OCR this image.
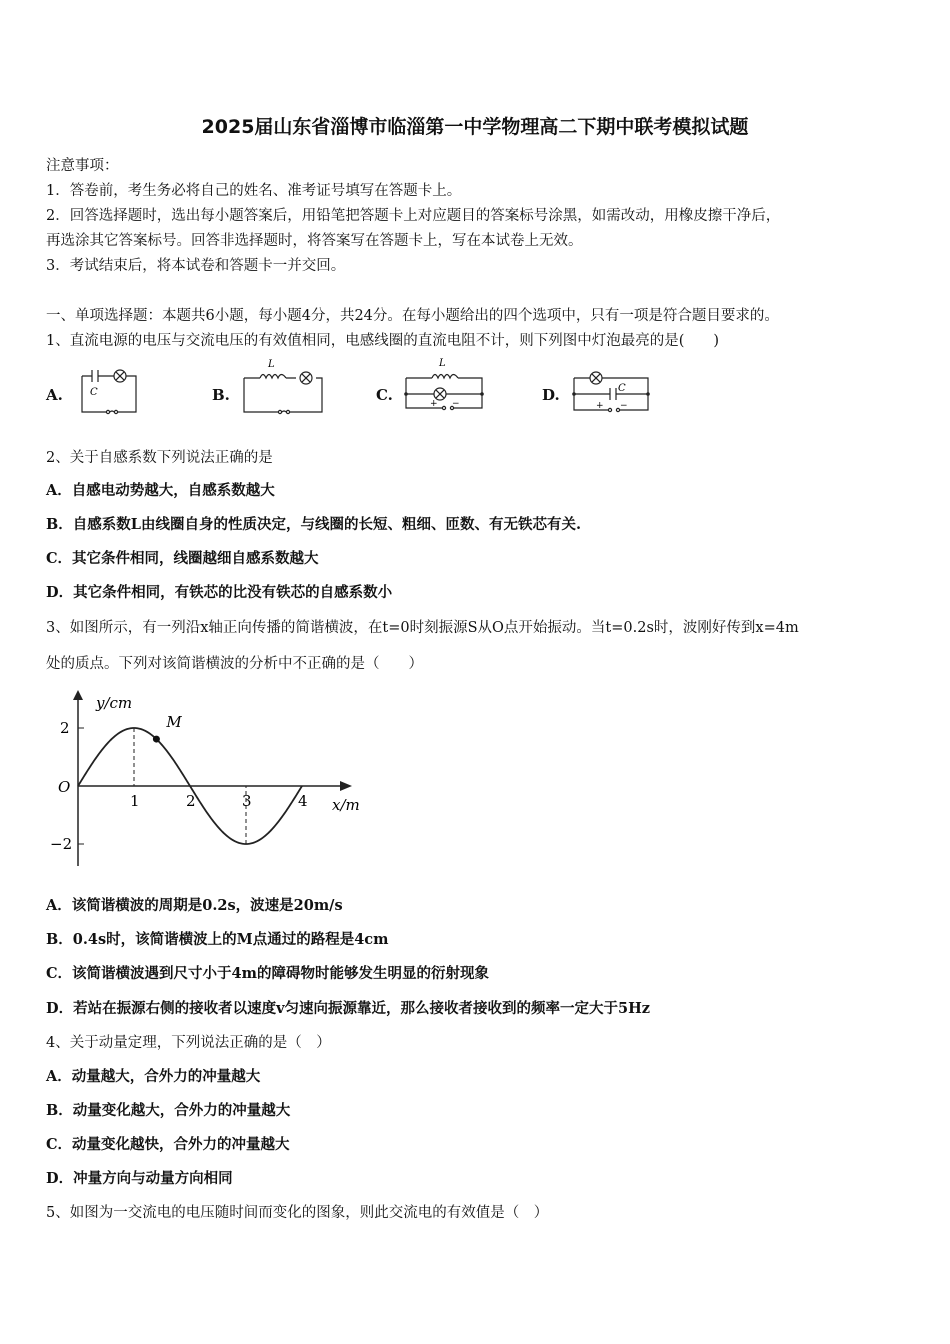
2025届山东省淄博市临淄第一中学物理高二下期中联考模拟试题
注意事项：
1．答卷前，考生务必将自己的姓名、准考证号填写在答题卡上。
2．回答选择题时，选出每小题答案后，用铅笔把答题卡上对应题目的答案标号涂黑，如需改动，用橡皮擦干净后，
再选涂其它答案标号。回答非选择题时，将答案写在答题卡上，写在本试卷上无效。
3．考试结束后，将本试卷和答题卡一并交回。
一、单项选择题：本题共6小题，每小题4分，共24分。在每小题给出的四个选项中，只有一项是符合题目要求的。
1、直流电源的电压与交流电压的有效值相同，电感线圈的直流电阻不计，则下列图中灯泡最亮的是(　　)
A.	B.	C.	D.
C
L	L
+ −
C
+ −
2、关于自感系数下列说法正确的是
A．自感电动势越大，自感系数越大
B．自感系数L由线圈自身的性质决定，与线圈的长短、粗细、匝数、有无铁芯有关.
C．其它条件相同，线圈越细自感系数越大
D．其它条件相同，有铁芯的比没有铁芯的自感系数小
3、如图所示，有一列沿x轴正向传播的简谐横波，在t=0时刻振源S从O点开始振动。当t=0.2s时，波刚好传到x=4m
处的质点。下列对该简谐横波的分析中不正确的是（　　）
y/cm
x/m
O
1	2	3	4
2
−2
M
A．该简谐横波的周期是0.2s，波速是20m/s
B．0.4s时，该简谐横波上的M点通过的路程是4cm
C．该简谐横波遇到尺寸小于4m的障碍物时能够发生明显的衍射现象
D．若站在振源右侧的接收者以速度v匀速向振源靠近，那么接收者接收到的频率一定大于5Hz
4、关于动量定理，下列说法正确的是（　）
A．动量越大，合外力的冲量越大
B．动量变化越大，合外力的冲量越大
C．动量变化越快，合外力的冲量越大
D．冲量方向与动量方向相同
5、如图为一交流电的电压随时间而变化的图象，则此交流电的有效值是（　）
